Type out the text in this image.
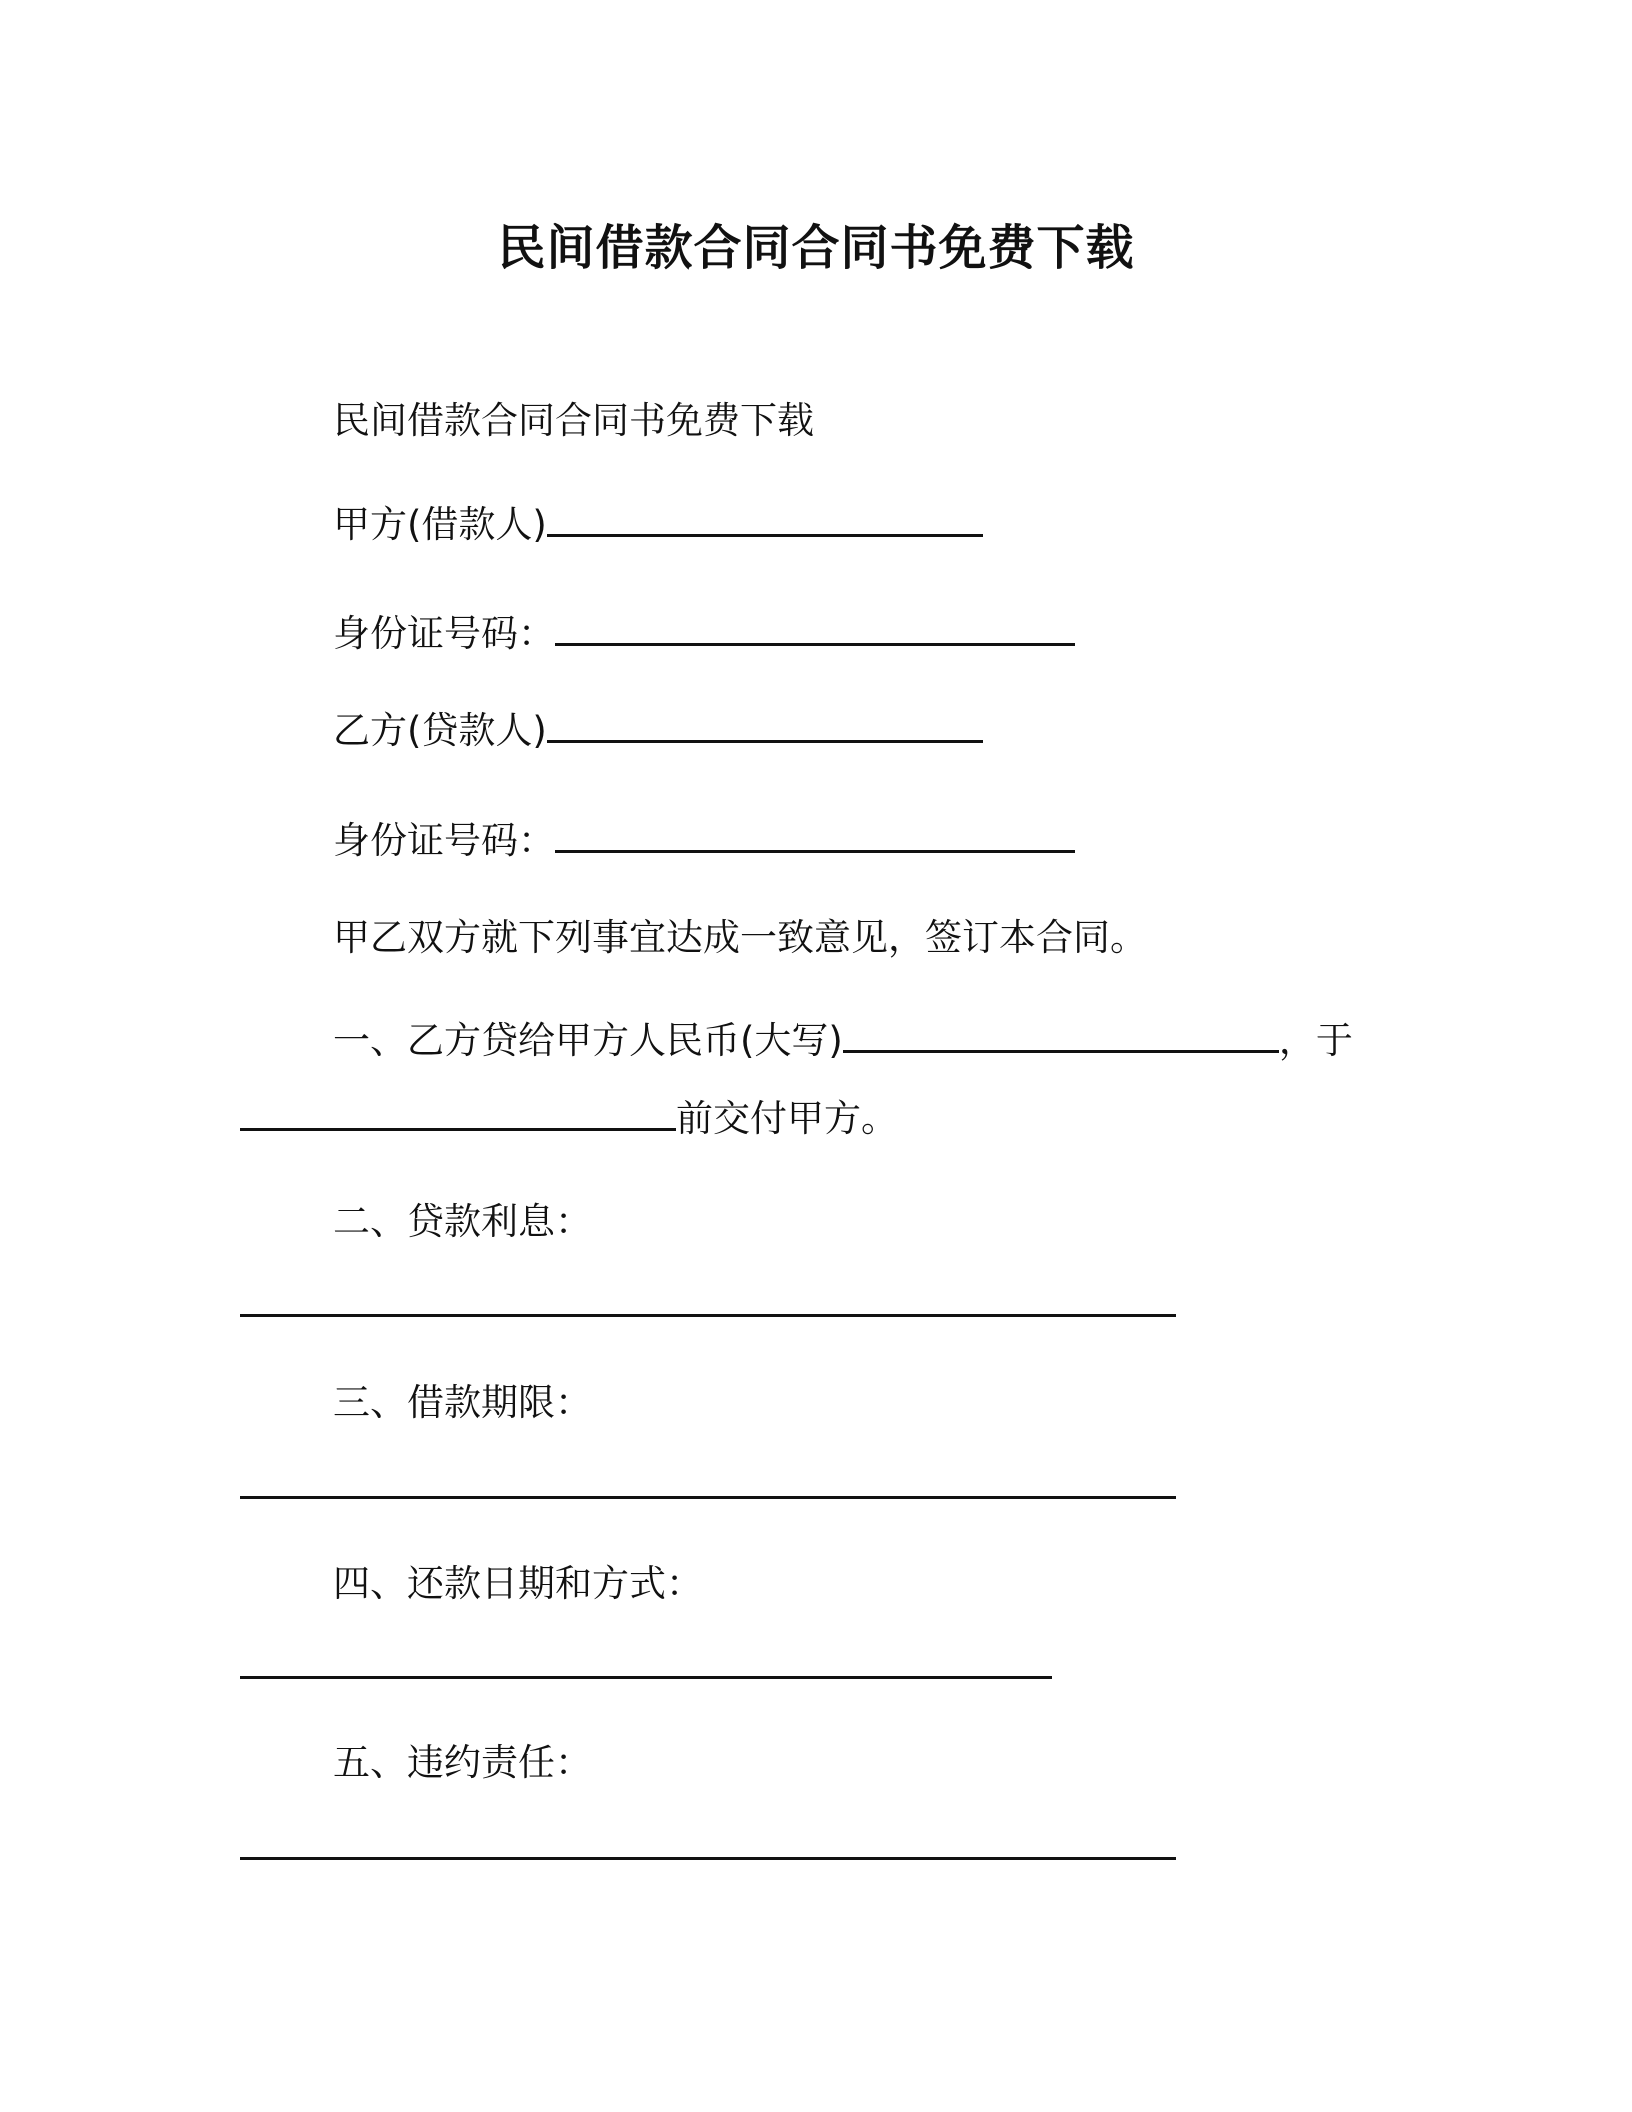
民间借款合同合同书免费下载
民间借款合同合同书免费下载
甲方(借款人)
身份证号码：
乙方(贷款人)
身份证号码：
甲乙双方就下列事宜达成一致意见，签订本合同。
一、乙方贷给甲方人民币(大写)	，于
前交付甲方。
二、贷款利息：
三、借款期限：
四、还款日期和方式：
五、违约责任：
